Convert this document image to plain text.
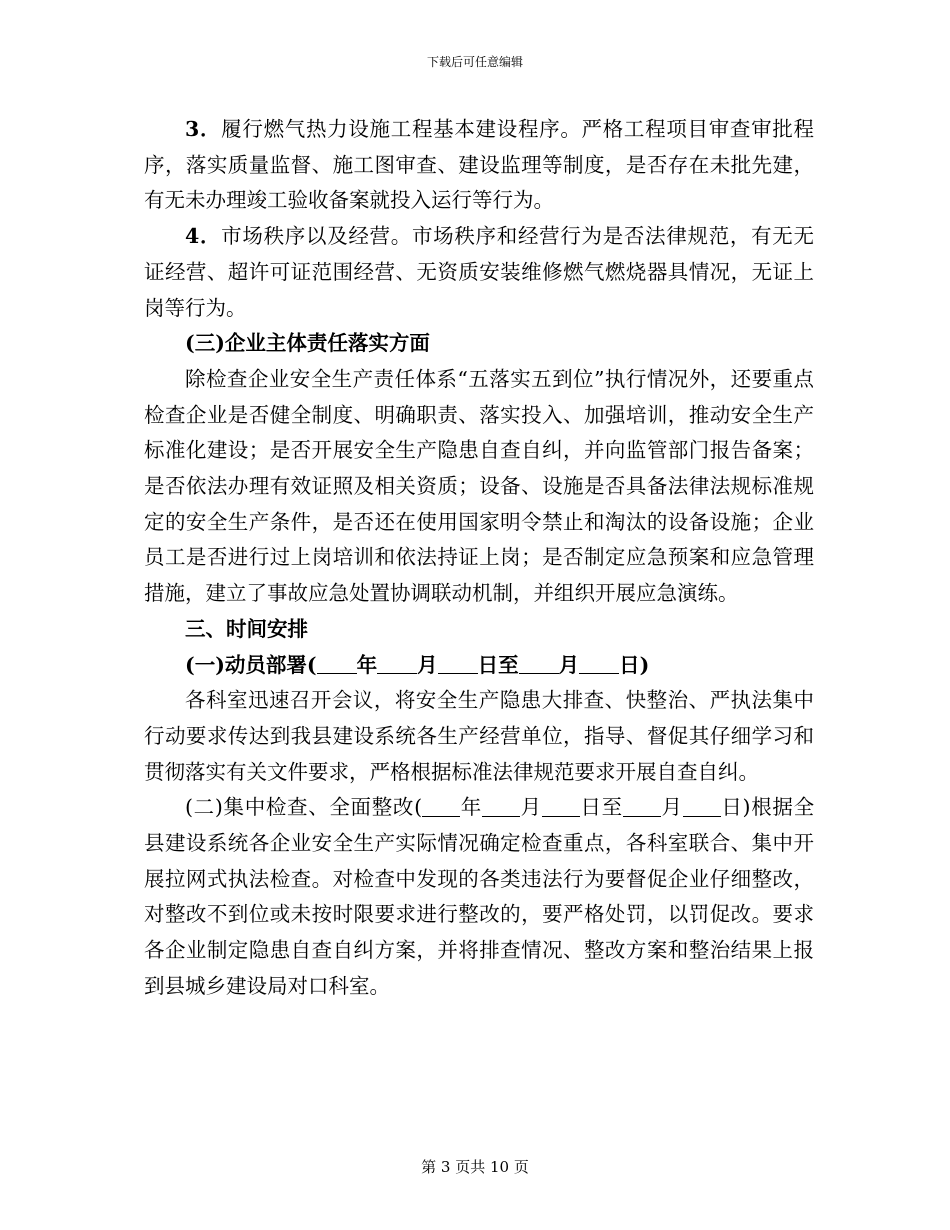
下载后可任意编辑

3．履行燃气热力设施工程基本建设程序。严格工程项目审查审批程序，落实质量监督、施工图审查、建设监理等制度，是否存在未批先建，有无未办理竣工验收备案就投入运行等行为。

4．市场秩序以及经营。市场秩序和经营行为是否法律规范，有无无证经营、超许可证范围经营、无资质安装维修燃气燃烧器具情况，无证上岗等行为。

(三)企业主体责任落实方面

除检查企业安全生产责任体系“五落实五到位”执行情况外，还要重点检查企业是否健全制度、明确职责、落实投入、加强培训，推动安全生产标准化建设；是否开展安全生产隐患自查自纠，并向监管部门报告备案；是否依法办理有效证照及相关资质；设备、设施是否具备法律法规标准规定的安全生产条件，是否还在使用国家明令禁止和淘汰的设备设施；企业员工是否进行过上岗培训和依法持证上岗；是否制定应急预案和应急管理措施，建立了事故应急处置协调联动机制，并组织开展应急演练。

三、时间安排

(一)动员部署( 年 月 日至 月 日)

各科室迅速召开会议，将安全生产隐患大排查、快整治、严执法集中行动要求传达到我县建设系统各生产经营单位，指导、督促其仔细学习和贯彻落实有关文件要求，严格根据标准法律规范要求开展自查自纠。

(二)集中检查、全面整改( 年 月 日至 月 日)根据全县建设系统各企业安全生产实际情况确定检查重点，各科室联合、集中开展拉网式执法检查。对检查中发现的各类违法行为要督促企业仔细整改，对整改不到位或未按时限要求进行整改的，要严格处罚，以罚促改。要求各企业制定隐患自查自纠方案，并将排查情况、整改方案和整治结果上报到县城乡建设局对口科室。

第 3 页共 10 页
